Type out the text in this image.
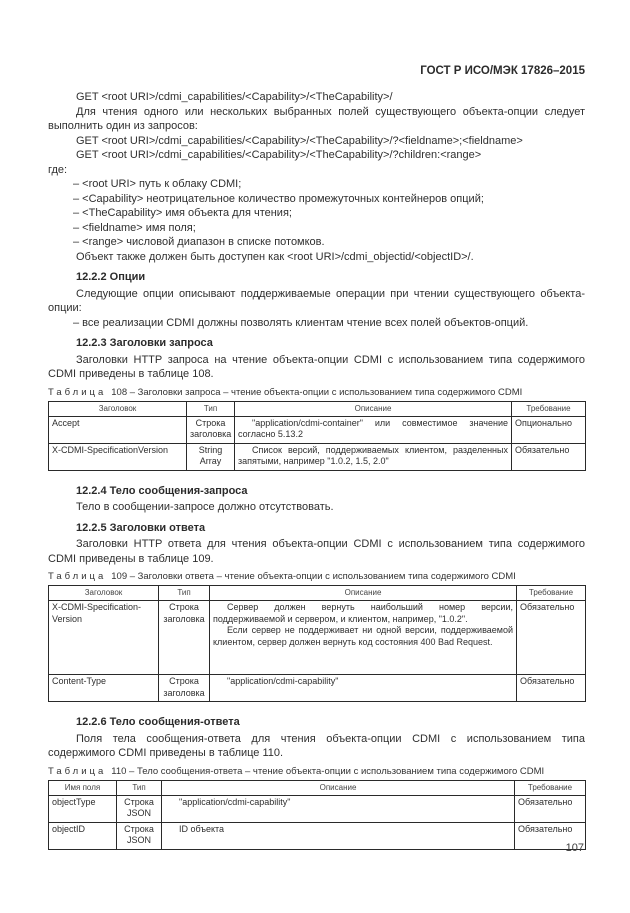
ГОСТ Р ИСО/МЭК 17826–2015

GET <root URI>/cdmi_capabilities/<Capability>/<TheCapability>/

Для чтения одного или нескольких выбранных полей существующего объекта-опции следует выполнить один из запросов:

GET <root URI>/cdmi_capabilities/<Capability>/<TheCapability>/?<fieldname>;<fieldname>

GET <root URI>/cdmi_capabilities/<Capability>/<TheCapability>/?children:<range>

где:

– <root URI> путь к облаку CDMI;

– <Capability> неотрицательное количество промежуточных контейнеров опций;

– <TheCapability> имя объекта для чтения;

– <fieldname> имя поля;

– <range> числовой диапазон в списке потомков.

Объект также должен быть доступен как <root URI>/cdmi_objectid/<objectID>/.

12.2.2 Опции

Следующие опции описывают поддерживаемые операции при чтении существующего объекта-опции:

– все реализации CDMI должны позволять клиентам чтение всех полей объектов-опций.

12.2.3 Заголовки запроса

Заголовки HTTP запроса на чтение объекта-опции CDMI с использованием типа содержимого CDMI приведены в таблице 108.

Таблица 108 – Заголовки запроса – чтение объекта-опции с использованием типа содержимого CDMI

Заголовок	Тип	Описание	Требование
Accept	Строка заголовка	"application/cdmi-container" или совместимое значение согласно 5.13.2	Опционально
X-CDMI-SpecificationVersion	String Array	Список версий, поддерживаемых клиентом, разделенных запятыми, например "1.0.2, 1.5, 2.0"	Обязательно

12.2.4 Тело сообщения-запроса

Тело в сообщении-запросе должно отсутствовать.

12.2.5 Заголовки ответа

Заголовки HTTP ответа для чтения объекта-опции CDMI с использованием типа содержимого CDMI приведены в таблице 109.

Таблица 109 – Заголовки ответа – чтение объекта-опции с использованием типа содержимого CDMI

Заголовок	Тип	Описание	Требование
X-CDMI-Specification-Version	Строка заголовка	Сервер должен вернуть наибольший номер версии, поддерживаемой и сервером, и клиентом, например, "1.0.2".

Если сервер не поддерживает ни одной версии, поддерживаемой клиентом, сервер должен вернуть код состояния 400 Bad Request.	Обязательно
Content-Type	Строка заголовка	"application/cdmi-capability"	Обязательно

12.2.6 Тело сообщения-ответа

Поля тела сообщения-ответа для чтения объекта-опции CDMI с использованием типа содержимого CDMI приведены в таблице 110.

Таблица 110 – Тело сообщения-ответа – чтение объекта-опции с использованием типа содержимого CDMI

Имя поля	Тип	Описание	Требование
objectType	Строка JSON	"application/cdmi-capability"	Обязательно
objectID	Строка JSON	ID объекта	Обязательно
107
